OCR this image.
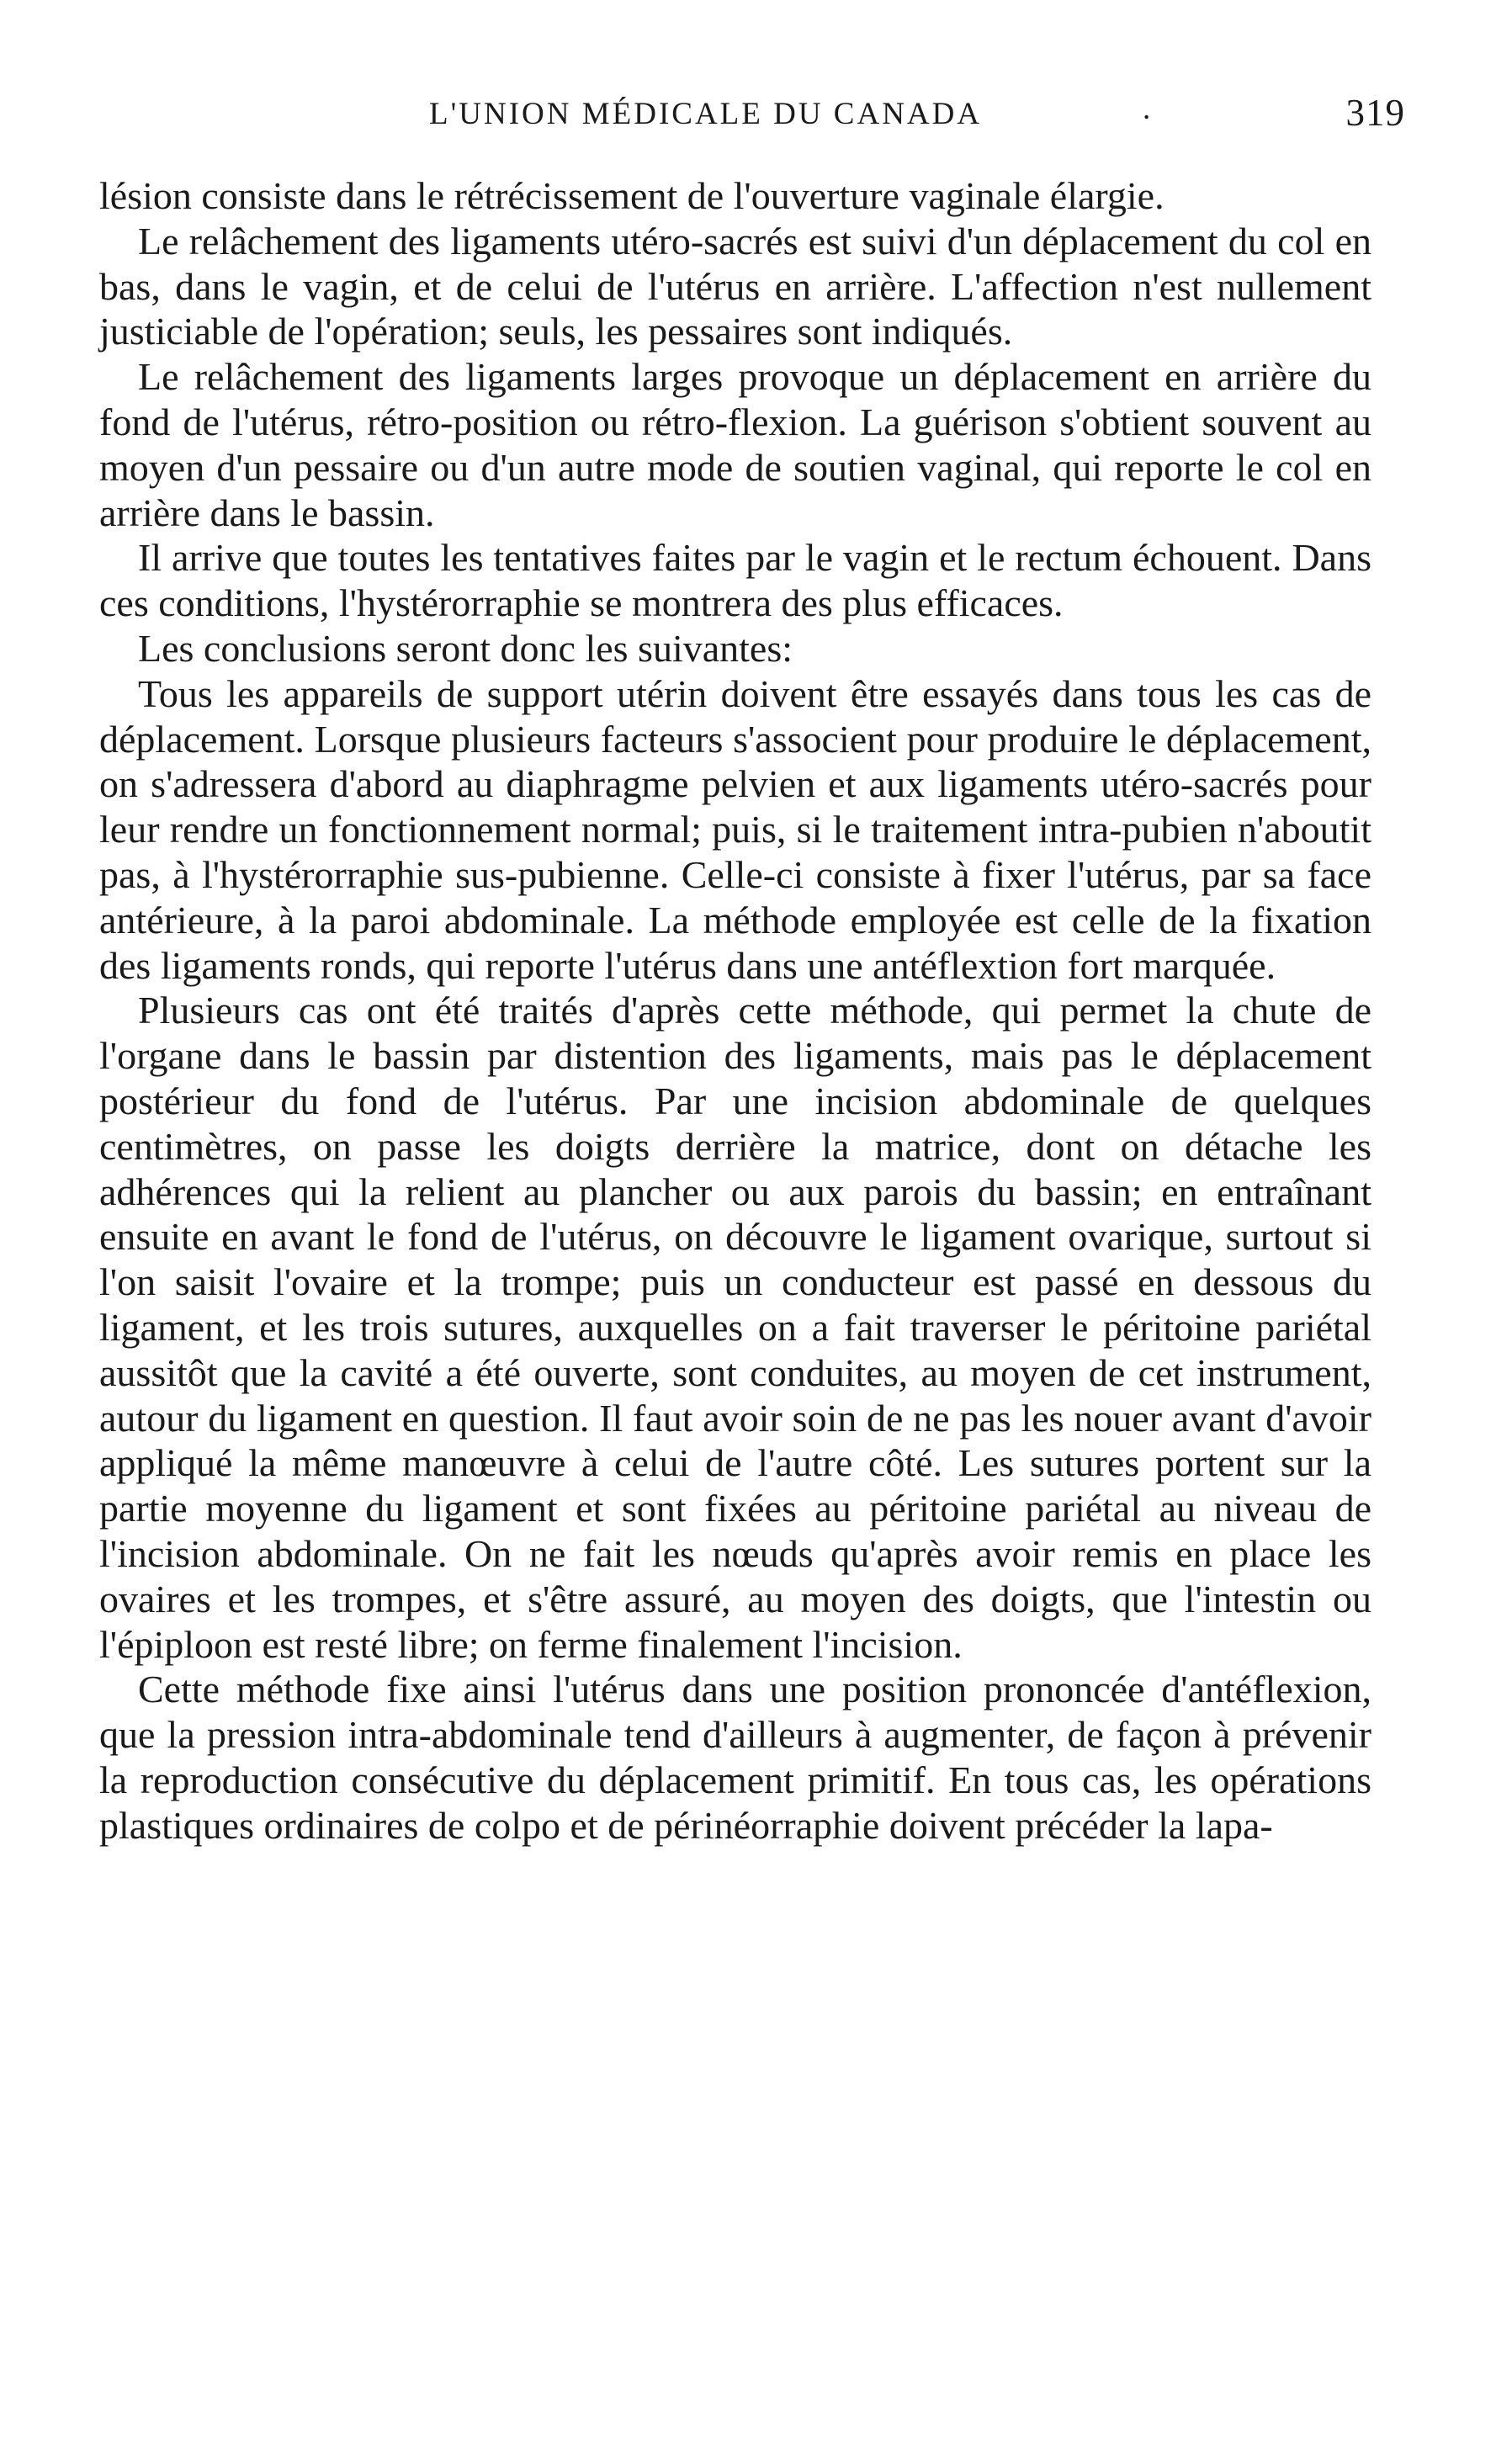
L'UNION MÉDICALE DU CANADA	.	319

lésion consiste dans le rétrécissement de l'ouverture vaginale élargie.

Le relâchement des ligaments utéro-sacrés est suivi d'un déplacement du col en bas, dans le vagin, et de celui de l'utérus en arrière. L'affection n'est nullement justiciable de l'opération; seuls, les pessaires sont indiqués.

Le relâchement des ligaments larges provoque un déplacement en arrière du fond de l'utérus, rétro-position ou rétro-flexion. La guérison s'obtient souvent au moyen d'un pessaire ou d'un autre mode de soutien vaginal, qui reporte le col en arrière dans le bassin.

Il arrive que toutes les tentatives faites par le vagin et le rectum échouent. Dans ces conditions, l'hystérorraphie se montrera des plus efficaces.

Les conclusions seront donc les suivantes:

Tous les appareils de support utérin doivent être essayés dans tous les cas de déplacement. Lorsque plusieurs facteurs s'associent pour produire le déplacement, on s'adressera d'abord au diaphragme pelvien et aux ligaments utéro-sacrés pour leur rendre un fonctionnement normal; puis, si le traitement intra-pubien n'aboutit pas, à l'hystérorraphie sus-pubienne. Celle-ci consiste à fixer l'utérus, par sa face antérieure, à la paroi abdominale. La méthode employée est celle de la fixation des ligaments ronds, qui reporte l'utérus dans une antéflextion fort marquée.

Plusieurs cas ont été traités d'après cette méthode, qui permet la chute de l'organe dans le bassin par distention des ligaments, mais pas le déplacement postérieur du fond de l'utérus. Par une incision abdominale de quelques centimètres, on passe les doigts derrière la matrice, dont on détache les adhérences qui la relient au plancher ou aux parois du bassin; en entraînant ensuite en avant le fond de l'utérus, on découvre le ligament ovarique, surtout si l'on saisit l'ovaire et la trompe; puis un conducteur est passé en dessous du ligament, et les trois sutures, auxquelles on a fait traverser le péritoine pariétal aussitôt que la cavité a été ouverte, sont conduites, au moyen de cet instrument, autour du ligament en question. Il faut avoir soin de ne pas les nouer avant d'avoir appliqué la même manœuvre à celui de l'autre côté. Les sutures portent sur la partie moyenne du ligament et sont fixées au péritoine pariétal au niveau de l'incision abdominale. On ne fait les nœuds qu'après avoir remis en place les ovaires et les trompes, et s'être assuré, au moyen des doigts, que l'intestin ou l'épiploon est resté libre; on ferme finalement l'incision.

Cette méthode fixe ainsi l'utérus dans une position prononcée d'antéflexion, que la pression intra-abdominale tend d'ailleurs à augmenter, de façon à prévenir la reproduction consécutive du déplacement primitif. En tous cas, les opérations plastiques ordinaires de colpo et de périnéorraphie doivent précéder la lapa-
